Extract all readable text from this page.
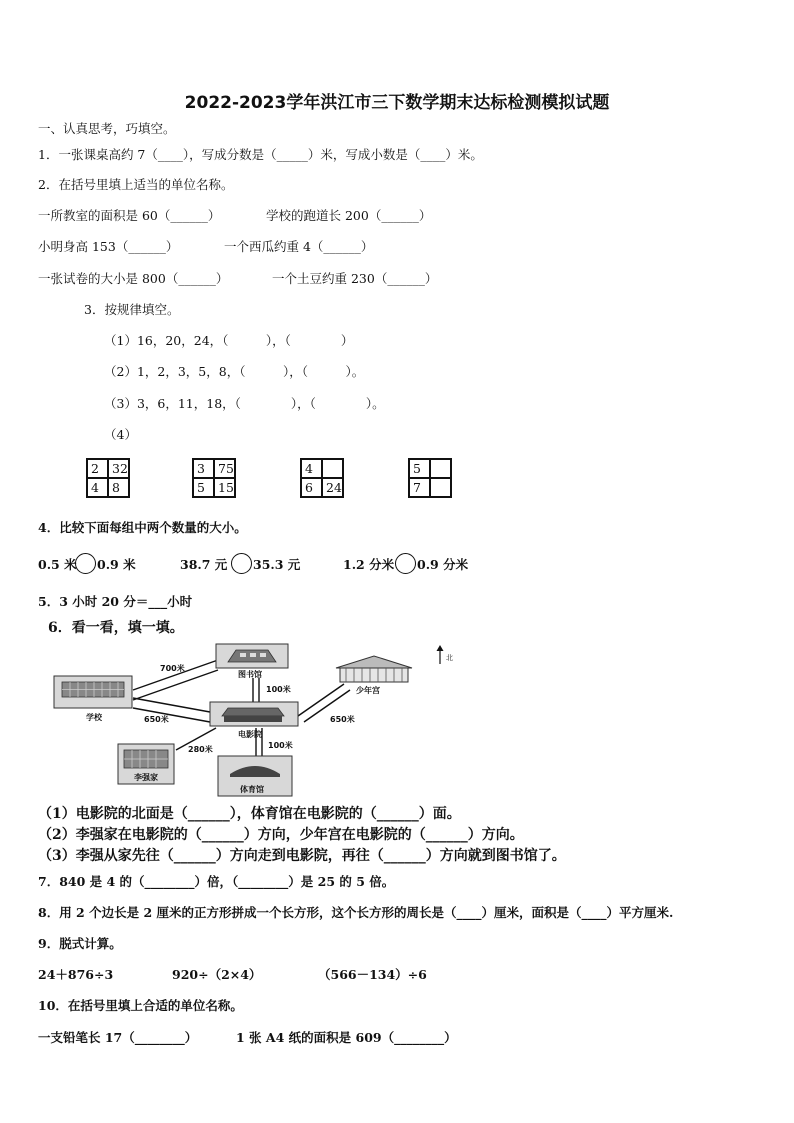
2022-2023学年洪江市三下数学期末达标检测模拟试题
一、认真思考，巧填空。
1．一张课桌高约 7（____），写成分数是（_____）米，写成小数是（____）米。
2．在括号里填上适当的单位名称。
一所教室的面积是 60（______）	学校的跑道长 200（______）
小明身高 153（______）	一个西瓜约重 4（______）
一张试卷的大小是 800（______）	一个土豆约重 230（______）
3．按规律填空。
（1）16，20，24，（　　　），（　　　　）
（2）1，2，3，5，8，（　　　），（　　　）。
（3）3，6，11，18，（　　　　），（　　　　）。
（4）
2	32
4	8
3	75
5	15
4	
6	24
5	
7	
4．比较下面每组中两个数量的大小。
0.5 米 0.9 米	38.7 元 35.3 元	1.2 分米 0.9 分米
5．3 小时 20 分＝___小时
6．看一看，填一填。
学校
图书馆
电影院
少年宫
李强家
体育馆
700米
100米
650米	650米
280米	100米
北
（1）电影院的北面是（______），体育馆在电影院的（______）面。
（2）李强家在电影院的（______）方向，少年宫在电影院的（______）方向。
（3）李强从家先往（______）方向走到电影院，再往（______）方向就到图书馆了。
7．840 是 4 的（________）倍，（________）是 25 的 5 倍。
8．用 2 个边长是 2 厘米的正方形拼成一个长方形，这个长方形的周长是（____）厘米，面积是（____）平方厘米.
9．脱式计算。
24＋876÷3	920÷（2×4）	（566－134）÷6
10．在括号里填上合适的单位名称。
一支铅笔长 17（________）	1 张 A4 纸的面积是 609（________）
